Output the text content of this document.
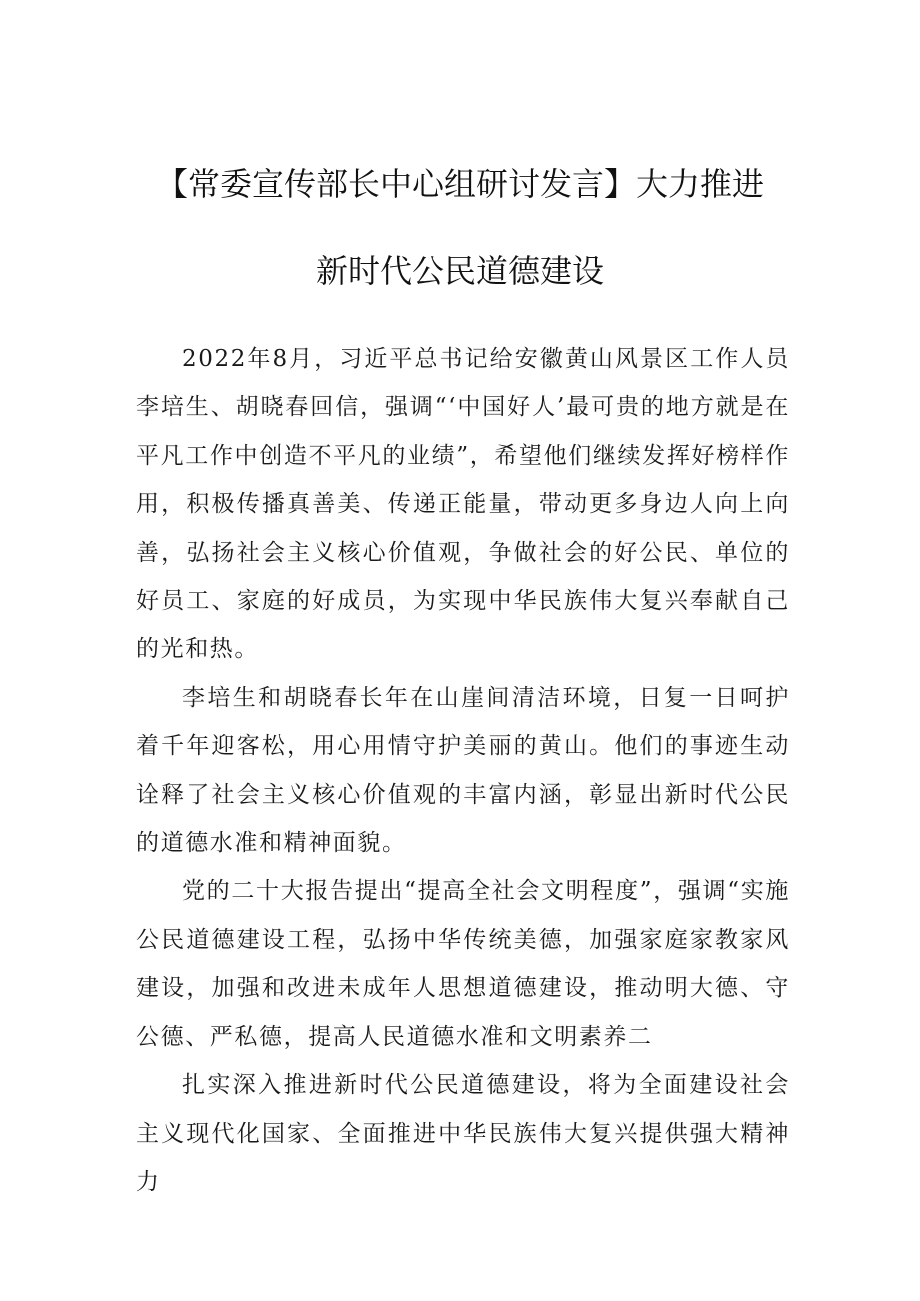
【常委宣传部长中心组研讨发言】大力推进
新时代公民道德建设

2022年8月，习近平总书记给安徽黄山风景区工作人员李培生、胡晓春回信，强调“‘中国好人’最可贵的地方就是在平凡工作中创造不平凡的业绩”，希望他们继续发挥好榜样作用，积极传播真善美、传递正能量，带动更多身边人向上向善，弘扬社会主义核心价值观，争做社会的好公民、单位的好员工、家庭的好成员，为实现中华民族伟大复兴奉献自己的光和热。

李培生和胡晓春长年在山崖间清洁环境，日复一日呵护着千年迎客松，用心用情守护美丽的黄山。他们的事迹生动诠释了社会主义核心价值观的丰富内涵，彰显出新时代公民的道德水准和精神面貌。

党的二十大报告提出“提高全社会文明程度”，强调“实施公民道德建设工程，弘扬中华传统美德，加强家庭家教家风建设，加强和改进未成年人思想道德建设，推动明大德、守公德、严私德，提高人民道德水准和文明素养二

扎实深入推进新时代公民道德建设，将为全面建设社会主义现代化国家、全面推进中华民族伟大复兴提供强大精神力
